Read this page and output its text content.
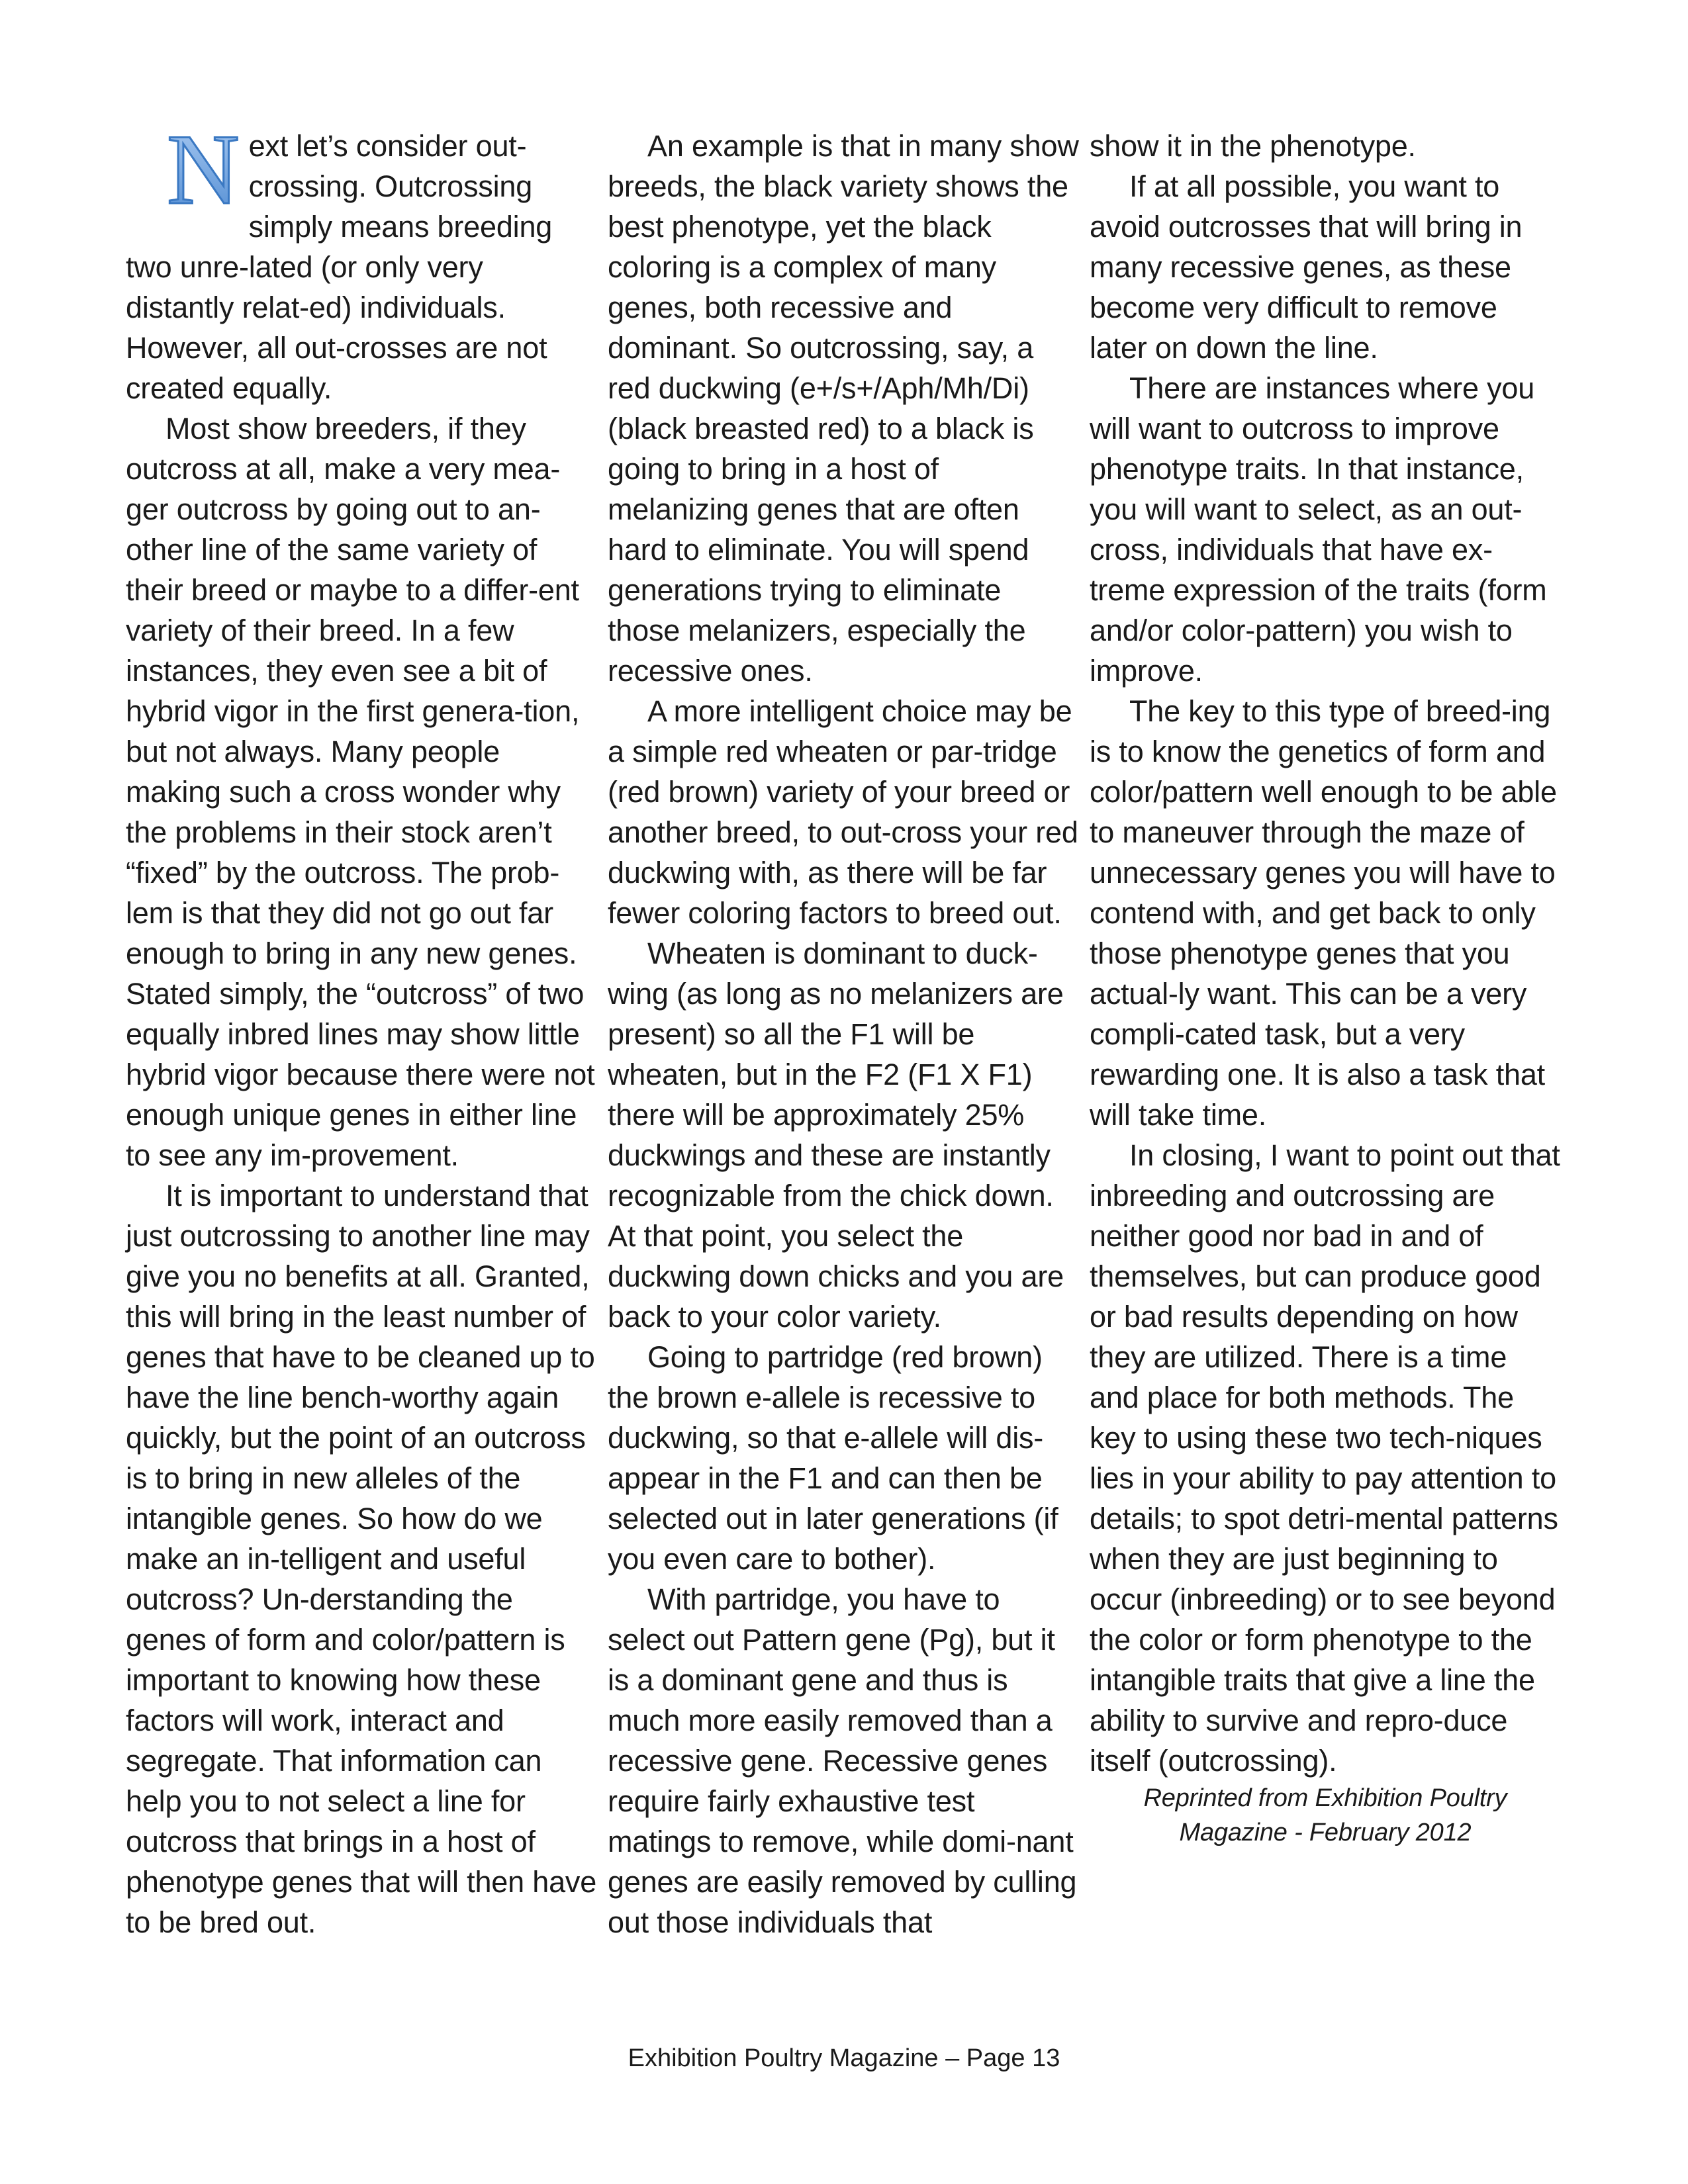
N ext let’s consider out-crossing. Outcrossing simply means breeding two unre-lated (or only very distantly relat-ed) individuals. However, all out-crosses are not created equally.

Most show breeders, if they outcross at all, make a very mea-ger outcross by going out to an-other line of the same variety of their breed or maybe to a differ-ent variety of their breed. In a few instances, they even see a bit of hybrid vigor in the first genera-tion, but not always. Many people making such a cross wonder why the problems in their stock aren’t “fixed” by the outcross. The prob-lem is that they did not go out far enough to bring in any new genes. Stated simply, the “outcross” of two equally inbred lines may show little hybrid vigor because there were not enough unique genes in either line to see any im-provement.

It is important to understand that just outcrossing to another line may give you no benefits at all. Granted, this will bring in the least number of genes that have to be cleaned up to have the line bench-worthy again quickly, but the point of an outcross is to bring in new alleles of the intangible genes. So how do we make an in-telligent and useful outcross? Un-derstanding the genes of form and color/pattern is important to knowing how these factors will work, interact and segregate. That information can help you to not select a line for outcross that brings in a host of phenotype genes that will then have to be bred out.

An example is that in many show breeds, the black variety shows the best phenotype, yet the black coloring is a complex of many genes, both recessive and dominant. So outcrossing, say, a red duckwing (e+/s+/Aph/Mh/Di) (black breasted red) to a black is going to bring in a host of melanizing genes that are often hard to eliminate. You will spend generations trying to eliminate those melanizers, especially the recessive ones.

A more intelligent choice may be a simple red wheaten or par-tridge (red brown) variety of your breed or another breed, to out-cross your red duckwing with, as there will be far fewer coloring factors to breed out.

Wheaten is dominant to duck-wing (as long as no melanizers are present) so all the F1 will be wheaten, but in the F2 (F1 X F1) there will be approximately 25% duckwings and these are instantly recognizable from the chick down. At that point, you select the duckwing down chicks and you are back to your color variety.

Going to partridge (red brown) the brown e-allele is recessive to duckwing, so that e-allele will dis-appear in the F1 and can then be selected out in later generations (if you even care to bother).

With partridge, you have to select out Pattern gene (Pg), but it is a dominant gene and thus is much more easily removed than a recessive gene. Recessive genes require fairly exhaustive test matings to remove, while domi-nant genes are easily removed by culling out those individuals that

show it in the phenotype.

If at all possible, you want to avoid outcrosses that will bring in many recessive genes, as these become very difficult to remove later on down the line.

There are instances where you will want to outcross to improve phenotype traits. In that instance, you will want to select, as an out-cross, individuals that have ex-treme expression of the traits (form and/or color-pattern) you wish to improve.

The key to this type of breed-ing is to know the genetics of form and color/pattern well enough to be able to maneuver through the maze of unnecessary genes you will have to contend with, and get back to only those phenotype genes that you actual-ly want. This can be a very compli-cated task, but a very rewarding one. It is also a task that will take time.

In closing, I want to point out that inbreeding and outcrossing are neither good nor bad in and of themselves, but can produce good or bad results depending on how they are utilized. There is a time and place for both methods. The key to using these two tech-niques lies in your ability to pay attention to details; to spot detri-mental patterns when they are just beginning to occur (inbreeding) or to see beyond the color or form phenotype to the intangible traits that give a line the ability to survive and repro-duce itself (outcrossing).

Reprinted from Exhibition Poultry
Magazine - February 2012

Exhibition Poultry Magazine – Page 13
